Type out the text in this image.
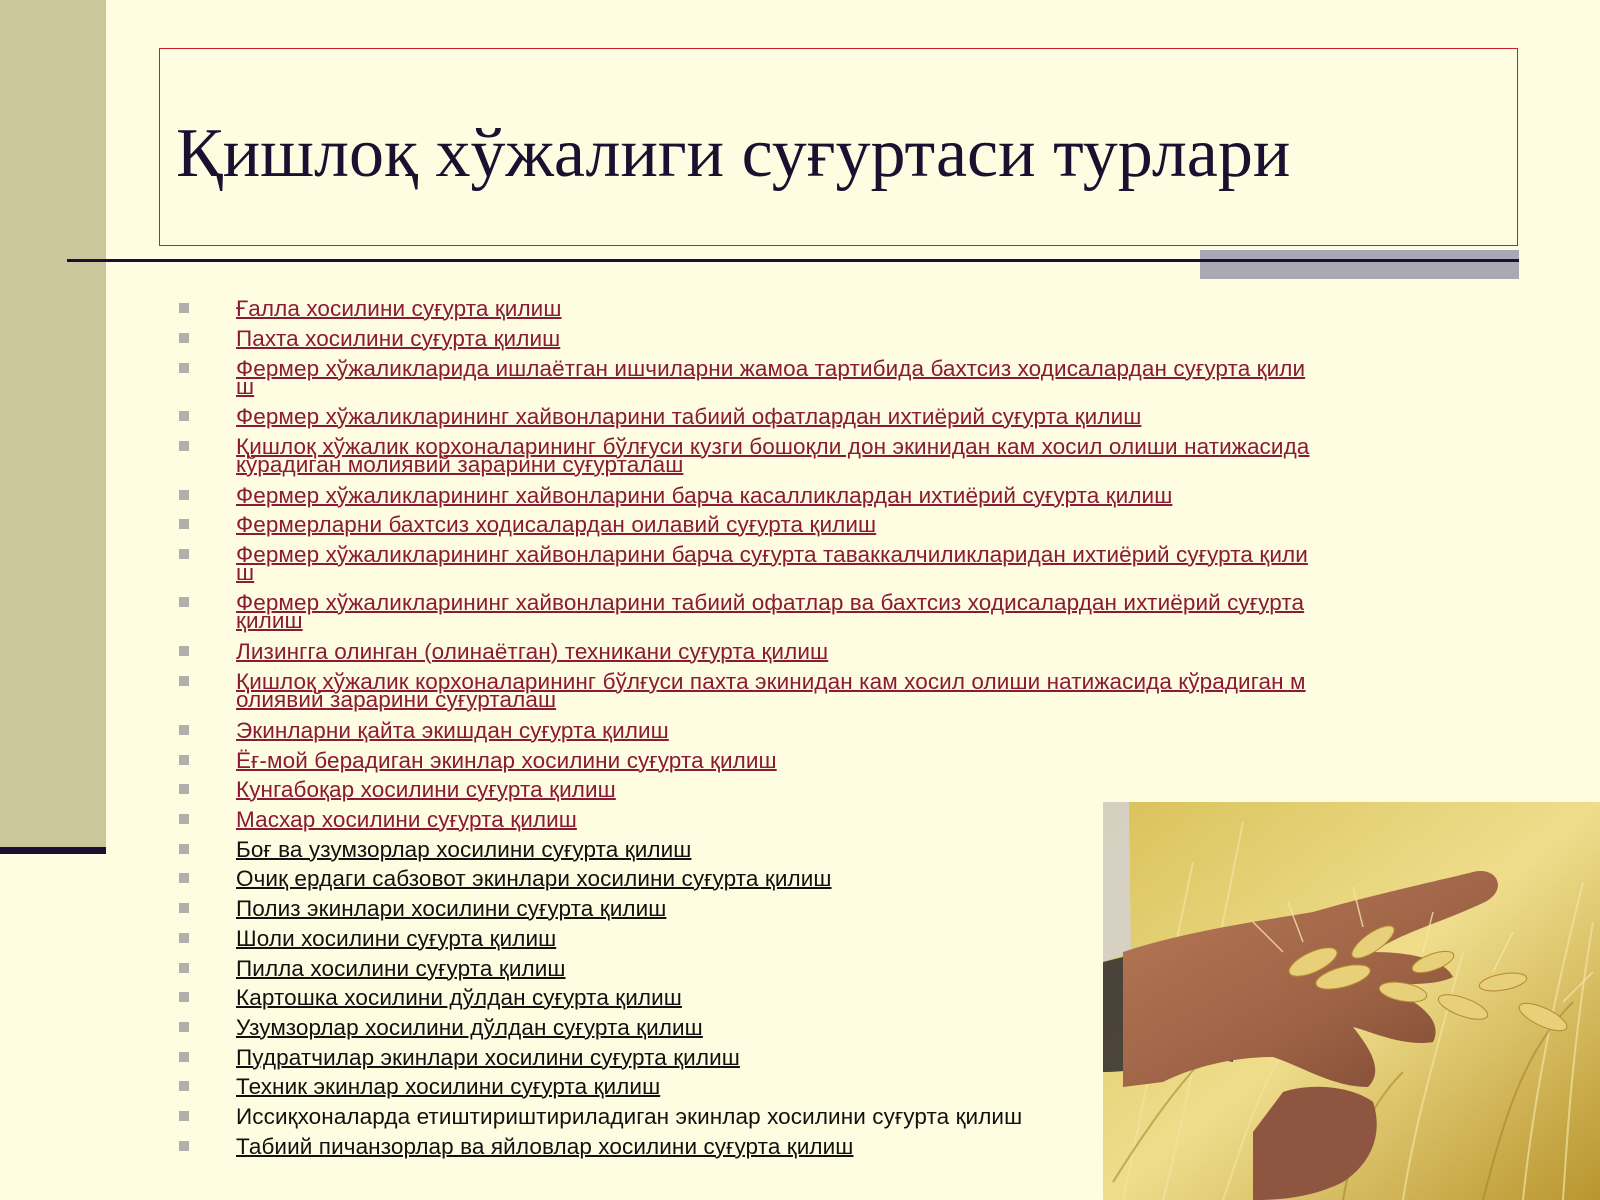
Қишлоқ хўжалиги суғуртаси турлари
Ғалла хосилини суғурта қилиш
Пахта хосилини суғурта қилиш
Фермер хўжаликларида ишлаётган ишчиларни жамоа тартибида бахтсиз ходисалардан суғурта қилиш
Фермер хўжаликларининг хайвонларини табиий офатлардан ихтиёрий суғурта қилиш
Қишлоқ хўжалик корхоналарининг бўлғуси кузги бошоқли дон экинидан кам хосил олиши натижасида кўрадиган молиявий зарарини суғурталаш
Фермер хўжаликларининг хайвонларини барча касалликлардан ихтиёрий суғурта қилиш
Фермерларни бахтсиз ходисалардан оилавий суғурта қилиш
Фермер хўжаликларининг хайвонларини барча суғурта таваккалчиликларидан ихтиёрий суғурта қилиш
Фермер хўжаликларининг хайвонларини табиий офатлар ва бахтсиз ходисалардан ихтиёрий суғурта қилиш
Лизингга олинган (олинаётган) техникани суғурта қилиш
Қишлоқ хўжалик корхоналарининг бўлғуси пахта экинидан кам хосил олиши натижасида кўрадиган молиявий зарарини суғурталаш
Экинларни қайта экишдан суғурта қилиш
Ёғ-мой берадиган экинлар хосилини суғурта қилиш
Кунгабоқар хосилини суғурта қилиш
Масхар хосилини суғурта қилиш
Боғ ва узумзорлар хосилини суғурта қилиш
Очиқ ердаги сабзовот экинлари хосилини суғурта қилиш
Полиз экинлари хосилини суғурта қилиш
Шоли хосилини суғурта қилиш
Пилла хосилини суғурта қилиш
Картошка хосилини дўлдан суғурта қилиш
Узумзорлар хосилини дўлдан суғурта қилиш
Пудратчилар экинлари хосилини суғурта қилиш
Техник экинлар хосилини суғурта қилиш
Иссиқхоналарда етиштириштириладиган экинлар хосилини суғурта қилиш
Табиий пичанзорлар ва яйловлар хосилини суғурта қилиш
